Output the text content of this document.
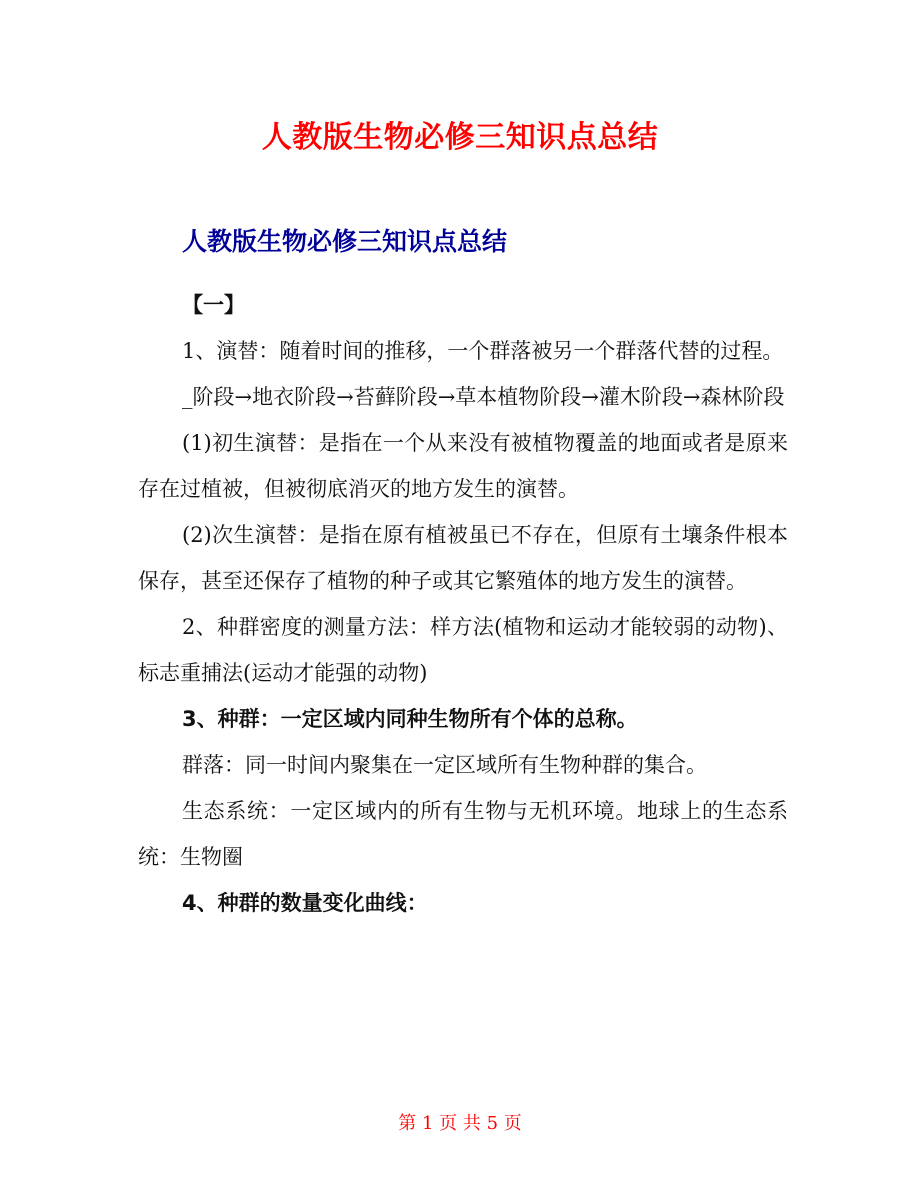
人教版生物必修三知识点总结
人教版生物必修三知识点总结

【一】

1、演替：随着时间的推移，一个群落被另一个群落代替的过程。

_阶段→地衣阶段→苔藓阶段→草本植物阶段→灌木阶段→森林阶段

(1)初生演替：是指在一个从来没有被植物覆盖的地面或者是原来存在过植被，但被彻底消灭的地方发生的演替。

(2)次生演替：是指在原有植被虽已不存在，但原有土壤条件根本保存，甚至还保存了植物的种子或其它繁殖体的地方发生的演替。

2、种群密度的测量方法：样方法(植物和运动才能较弱的动物)、标志重捕法(运动才能强的动物)

3、种群：一定区域内同种生物所有个体的总称。

群落：同一时间内聚集在一定区域所有生物种群的集合。

生态系统：一定区域内的所有生物与无机环境。地球上的生态系统：生物圈

4、种群的数量变化曲线：

第 1 页 共 5 页
